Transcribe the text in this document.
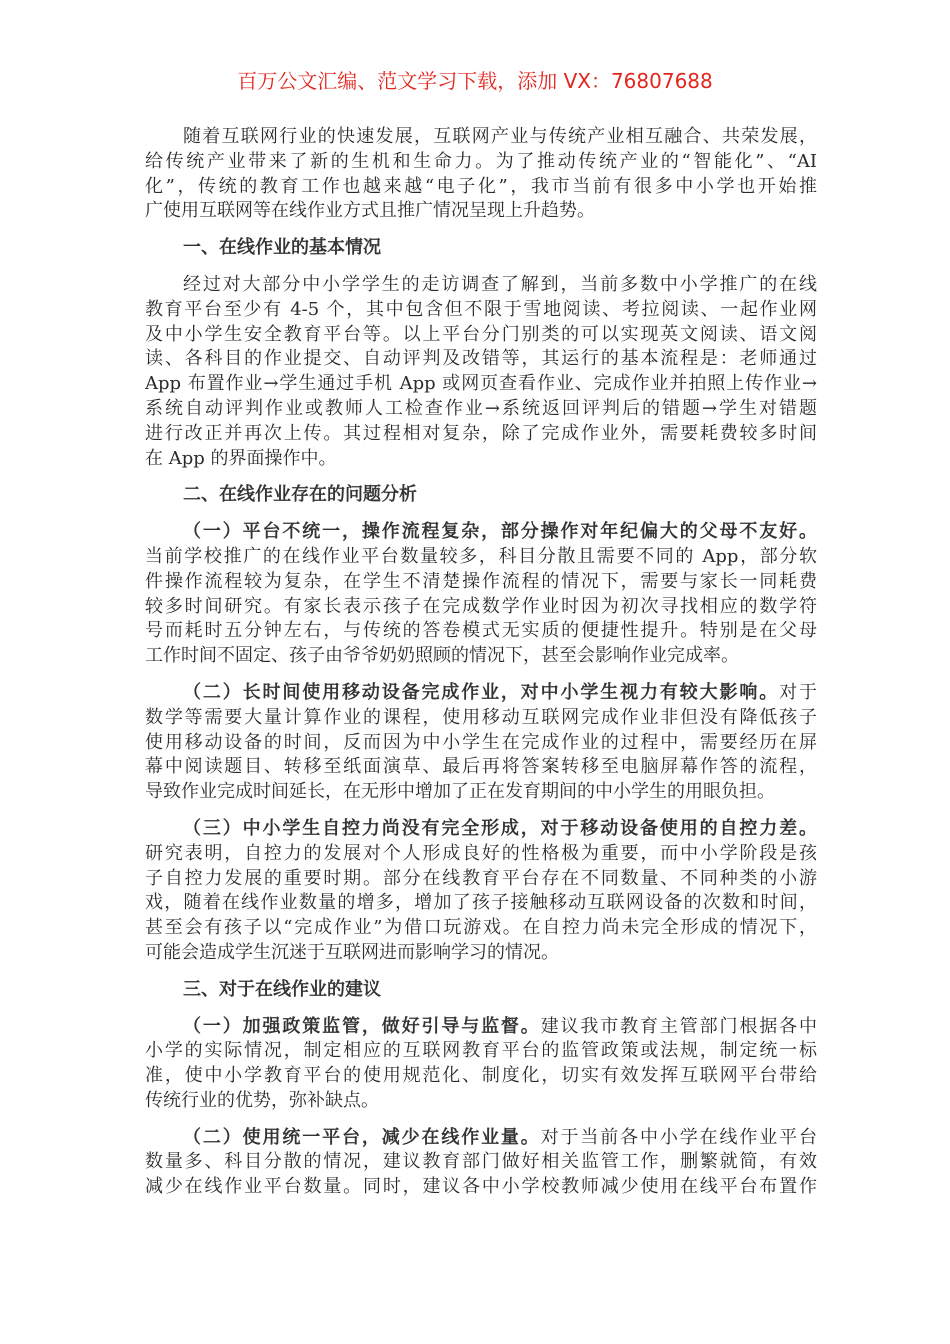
百万公文汇编、范文学习下载，添加 VX：76807688
随着互联网行业的快速发展，互联网产业与传统产业相互融合、共荣发展，
给传统产业带来了新的生机和生命力。为了推动传统产业的“智能化”、“AI
化”，传统的教育工作也越来越“电子化”，我市当前有很多中小学也开始推
广使用互联网等在线作业方式且推广情况呈现上升趋势。
一、在线作业的基本情况
经过对大部分中小学学生的走访调查了解到，当前多数中小学推广的在线
教育平台至少有 4-5 个，其中包含但不限于雪地阅读、考拉阅读、一起作业网
及中小学生安全教育平台等。以上平台分门别类的可以实现英文阅读、语文阅
读、各科目的作业提交、自动评判及改错等，其运行的基本流程是：老师通过
App 布置作业→学生通过手机 App 或网页查看作业、完成作业并拍照上传作业→
系统自动评判作业或教师人工检查作业→系统返回评判后的错题→学生对错题
进行改正并再次上传。其过程相对复杂，除了完成作业外，需要耗费较多时间
在 App 的界面操作中。
二、在线作业存在的问题分析
（一）平台不统一，操作流程复杂，部分操作对年纪偏大的父母不友好。
当前学校推广的在线作业平台数量较多，科目分散且需要不同的 App，部分软
件操作流程较为复杂，在学生不清楚操作流程的情况下，需要与家长一同耗费
较多时间研究。有家长表示孩子在完成数学作业时因为初次寻找相应的数学符
号而耗时五分钟左右，与传统的答卷模式无实质的便捷性提升。特别是在父母
工作时间不固定、孩子由爷爷奶奶照顾的情况下，甚至会影响作业完成率。
（二）长时间使用移动设备完成作业，对中小学生视力有较大影响。对于
数学等需要大量计算作业的课程，使用移动互联网完成作业非但没有降低孩子
使用移动设备的时间，反而因为中小学生在完成作业的过程中，需要经历在屏
幕中阅读题目、转移至纸面演草、最后再将答案转移至电脑屏幕作答的流程，
导致作业完成时间延长，在无形中增加了正在发育期间的中小学生的用眼负担。
（三）中小学生自控力尚没有完全形成，对于移动设备使用的自控力差。
研究表明，自控力的发展对个人形成良好的性格极为重要，而中小学阶段是孩
子自控力发展的重要时期。部分在线教育平台存在不同数量、不同种类的小游
戏，随着在线作业数量的增多，增加了孩子接触移动互联网设备的次数和时间，
甚至会有孩子以“完成作业”为借口玩游戏。在自控力尚未完全形成的情况下，
可能会造成学生沉迷于互联网进而影响学习的情况。
三、对于在线作业的建议
（一）加强政策监管，做好引导与监督。建议我市教育主管部门根据各中
小学的实际情况，制定相应的互联网教育平台的监管政策或法规，制定统一标
准，使中小学教育平台的使用规范化、制度化，切实有效发挥互联网平台带给
传统行业的优势，弥补缺点。
（二）使用统一平台，减少在线作业量。对于当前各中小学在线作业平台
数量多、科目分散的情况，建议教育部门做好相关监管工作，删繁就简，有效
减少在线作业平台数量。同时，建议各中小学校教师减少使用在线平台布置作
